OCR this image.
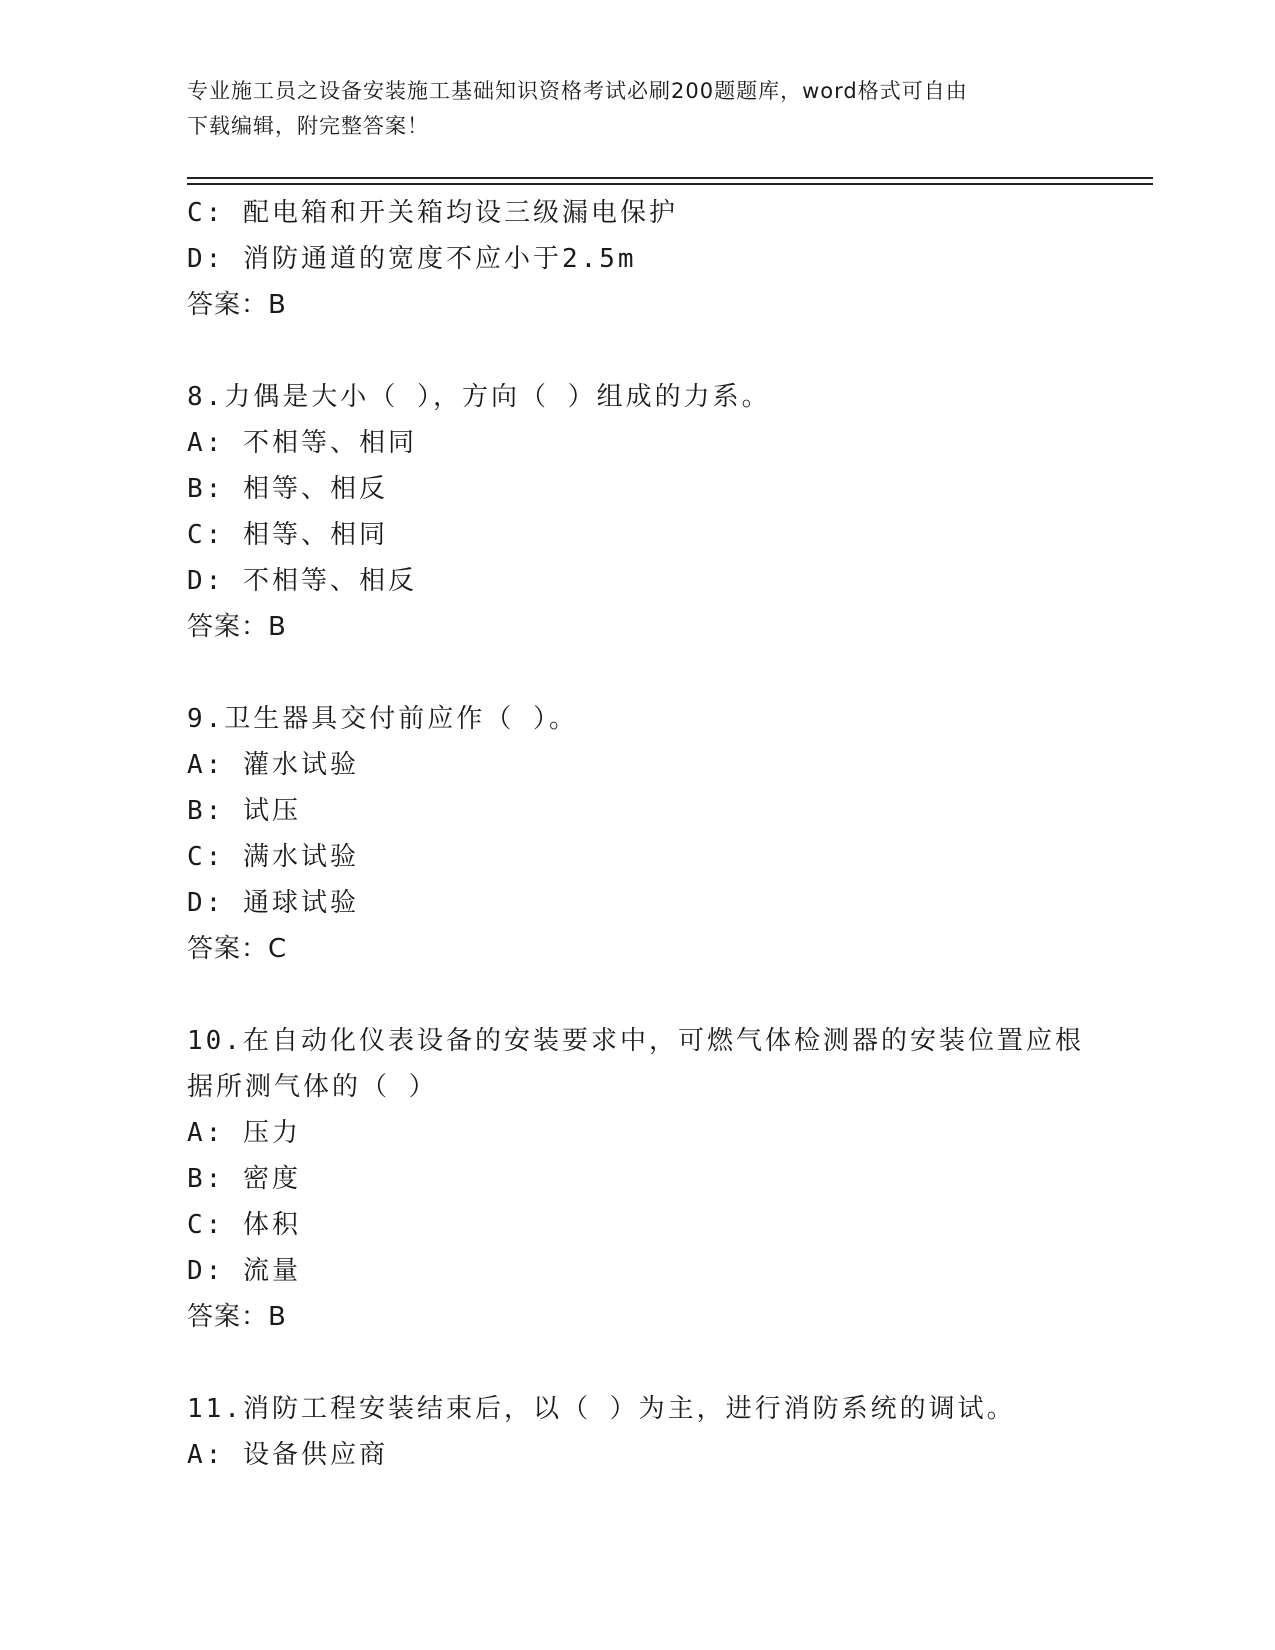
专业施工员之设备安装施工基础知识资格考试必刷200题题库，word格式可自由
下载编辑，附完整答案！
C: 配电箱和开关箱均设三级漏电保护
D: 消防通道的宽度不应小于2.5m
答案：B
8.力偶是大小（ ），方向（ ）组成的力系。
A: 不相等、相同
B: 相等、相反
C: 相等、相同
D: 不相等、相反
答案：B
9.卫生器具交付前应作（ ）。
A: 灌水试验
B: 试压
C: 满水试验
D: 通球试验
答案：C
10.在自动化仪表设备的安装要求中，可燃气体检测器的安装位置应根
据所测气体的（ ）
A: 压力
B: 密度
C: 体积
D: 流量
答案：B
11.消防工程安装结束后，以（ ）为主，进行消防系统的调试。
A: 设备供应商
